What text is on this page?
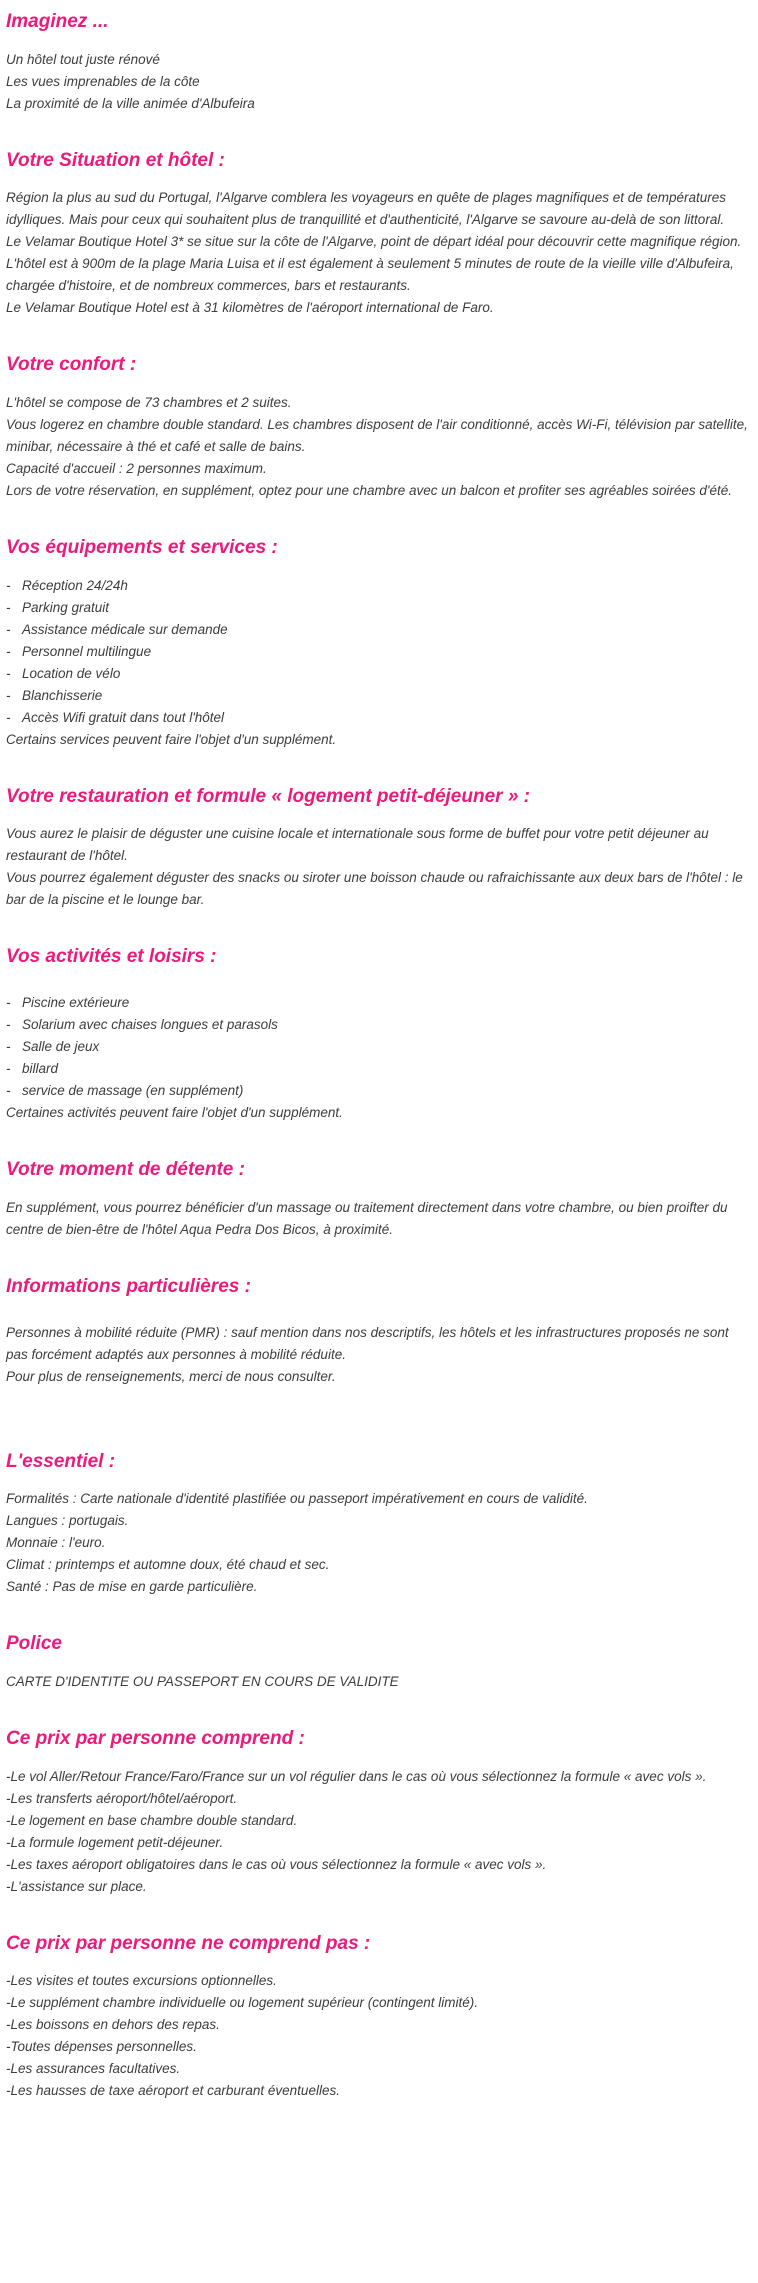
Imaginez ...

Un hôtel tout juste rénové

Les vues imprenables de la côte

La proximité de la ville animée d'Albufeira

Votre Situation et hôtel :

Région la plus au sud du Portugal, l'Algarve comblera les voyageurs en quête de plages magnifiques et de températures idylliques. Mais pour ceux qui souhaitent plus de tranquillité et d'authenticité, l'Algarve se savoure au-delà de son littoral.

Le Velamar Boutique Hotel 3* se situe sur la côte de l'Algarve, point de départ idéal pour découvrir cette magnifique région.

L'hôtel est à 900m de la plage Maria Luisa et il est également à seulement 5 minutes de route de la vieille ville d'Albufeira, chargée d'histoire, et de nombreux commerces, bars et restaurants.

Le Velamar Boutique Hotel est à 31 kilomètres de l'aéroport international de Faro.

Votre confort :

L'hôtel se compose de 73 chambres et 2 suites.

Vous logerez en chambre double standard. Les chambres disposent de l'air conditionné, accès Wi-Fi, télévision par satellite, minibar, nécessaire à thé et café et salle de bains.

Capacité d'accueil : 2 personnes maximum.

Lors de votre réservation, en supplément, optez pour une chambre avec un balcon et profiter ses agréables soirées d'été.

Vos équipements et services :
- Réception 24/24h
- Parking gratuit
- Assistance médicale sur demande
- Personnel multilingue
- Location de vélo
- Blanchisserie
- Accès Wifi gratuit dans tout l'hôtel

Certains services peuvent faire l'objet d'un supplément.

Votre restauration et formule « logement petit-déjeuner » :

Vous aurez le plaisir de déguster une cuisine locale et internationale sous forme de buffet pour votre petit déjeuner au restaurant de l'hôtel.

Vous pourrez également déguster des snacks ou siroter une boisson chaude ou rafraichissante aux deux bars de l'hôtel : le bar de la piscine et le lounge bar.

Vos activités et loisirs :
- Piscine extérieure
- Solarium avec chaises longues et parasols
- Salle de jeux
- billard
- service de massage (en supplément)

Certaines activités peuvent faire l'objet d'un supplément.

Votre moment de détente :

En supplément, vous pourrez bénéficier d'un massage ou traitement directement dans votre chambre, ou bien proifter du centre de bien-être de l'hôtel Aqua Pedra Dos Bicos, à proximité.

Informations particulières :

Personnes à mobilité réduite (PMR) : sauf mention dans nos descriptifs, les hôtels et les infrastructures proposés ne sont pas forcément adaptés aux personnes à mobilité réduite.

Pour plus de renseignements, merci de nous consulter.

L'essentiel :

Formalités : Carte nationale d'identité plastifiée ou passeport impérativement en cours de validité.

Langues : portugais.

Monnaie : l'euro.

Climat : printemps et automne doux, été chaud et sec.

Santé : Pas de mise en garde particulière.

Police

CARTE D'IDENTITE OU PASSEPORT EN COURS DE VALIDITE

Ce prix par personne comprend :

-Le vol Aller/Retour France/Faro/France sur un vol régulier dans le cas où vous sélectionnez la formule « avec vols ».

-Les transferts aéroport/hôtel/aéroport.

-Le logement en base chambre double standard.

-La formule logement petit-déjeuner.

-Les taxes aéroport obligatoires dans le cas où vous sélectionnez la formule « avec vols ».

-L'assistance sur place.

Ce prix par personne ne comprend pas :

-Les visites et toutes excursions optionnelles.

-Le supplément chambre individuelle ou logement supérieur (contingent limité).

-Les boissons en dehors des repas.

-Toutes dépenses personnelles.

-Les assurances facultatives.

-Les hausses de taxe aéroport et carburant éventuelles.
